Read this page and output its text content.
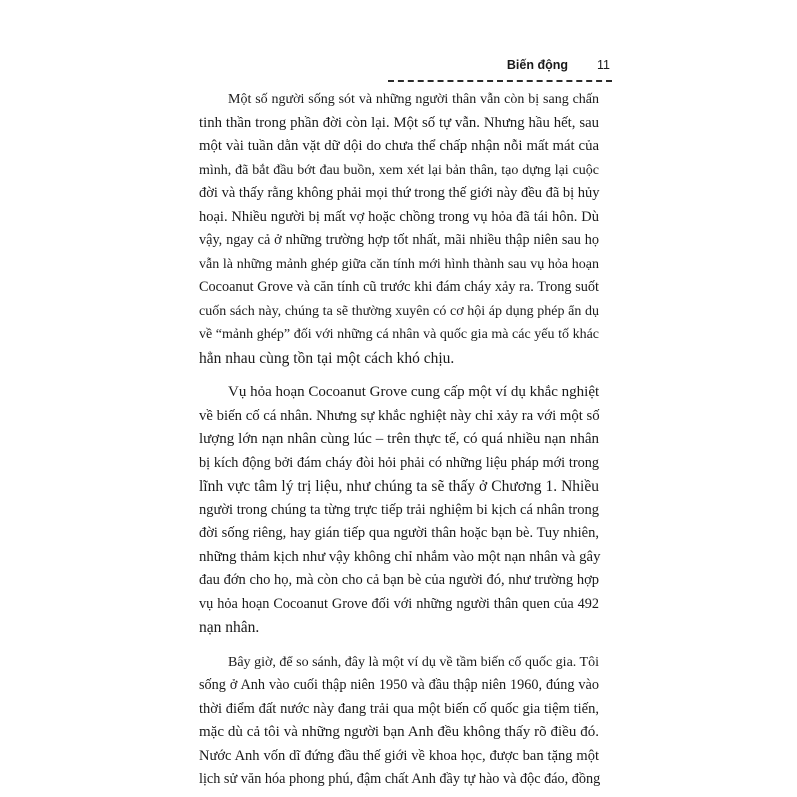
Biến động 11
Một số người sống sót và những người thân vẫn còn bị sang chấn
tinh thần trong phần đời còn lại. Một số tự vẫn. Nhưng hầu hết, sau
một vài tuần dằn vặt dữ dội do chưa thể chấp nhận nỗi mất mát của
mình, đã bắt đầu bớt đau buồn, xem xét lại bản thân, tạo dựng lại cuộc
đời và thấy rằng không phải mọi thứ trong thế giới này đều đã bị hủy
hoại. Nhiều người bị mất vợ hoặc chồng trong vụ hỏa đã tái hôn. Dù
vậy, ngay cả ở những trường hợp tốt nhất, mãi nhiều thập niên sau họ
vẫn là những mảnh ghép giữa căn tính mới hình thành sau vụ hỏa hoạn
Cocoanut Grove và căn tính cũ trước khi đám cháy xảy ra. Trong suốt
cuốn sách này, chúng ta sẽ thường xuyên có cơ hội áp dụng phép ẩn dụ
về “mảnh ghép” đối với những cá nhân và quốc gia mà các yếu tố khác
hẳn nhau cùng tồn tại một cách khó chịu.
Vụ hỏa hoạn Cocoanut Grove cung cấp một ví dụ khắc nghiệt
về biến cố cá nhân. Nhưng sự khắc nghiệt này chỉ xảy ra với một số
lượng lớn nạn nhân cùng lúc – trên thực tế, có quá nhiều nạn nhân
bị kích động bởi đám cháy đòi hỏi phải có những liệu pháp mới trong
lĩnh vực tâm lý trị liệu, như chúng ta sẽ thấy ở Chương 1. Nhiều
người trong chúng ta từng trực tiếp trải nghiệm bi kịch cá nhân trong
đời sống riêng, hay gián tiếp qua người thân hoặc bạn bè. Tuy nhiên,
những thảm kịch như vậy không chỉ nhắm vào một nạn nhân và gây
đau đớn cho họ, mà còn cho cả bạn bè của người đó, như trường hợp
vụ hỏa hoạn Cocoanut Grove đối với những người thân quen của 492
nạn nhân.
Bây giờ, để so sánh, đây là một ví dụ về tầm biến cố quốc gia. Tôi
sống ở Anh vào cuối thập niên 1950 và đầu thập niên 1960, đúng vào
thời điểm đất nước này đang trải qua một biến cố quốc gia tiệm tiến,
mặc dù cả tôi và những người bạn Anh đều không thấy rõ điều đó.
Nước Anh vốn dĩ đứng đầu thế giới về khoa học, được ban tặng một
lịch sử văn hóa phong phú, đậm chất Anh đầy tự hào và độc đáo, đồng
